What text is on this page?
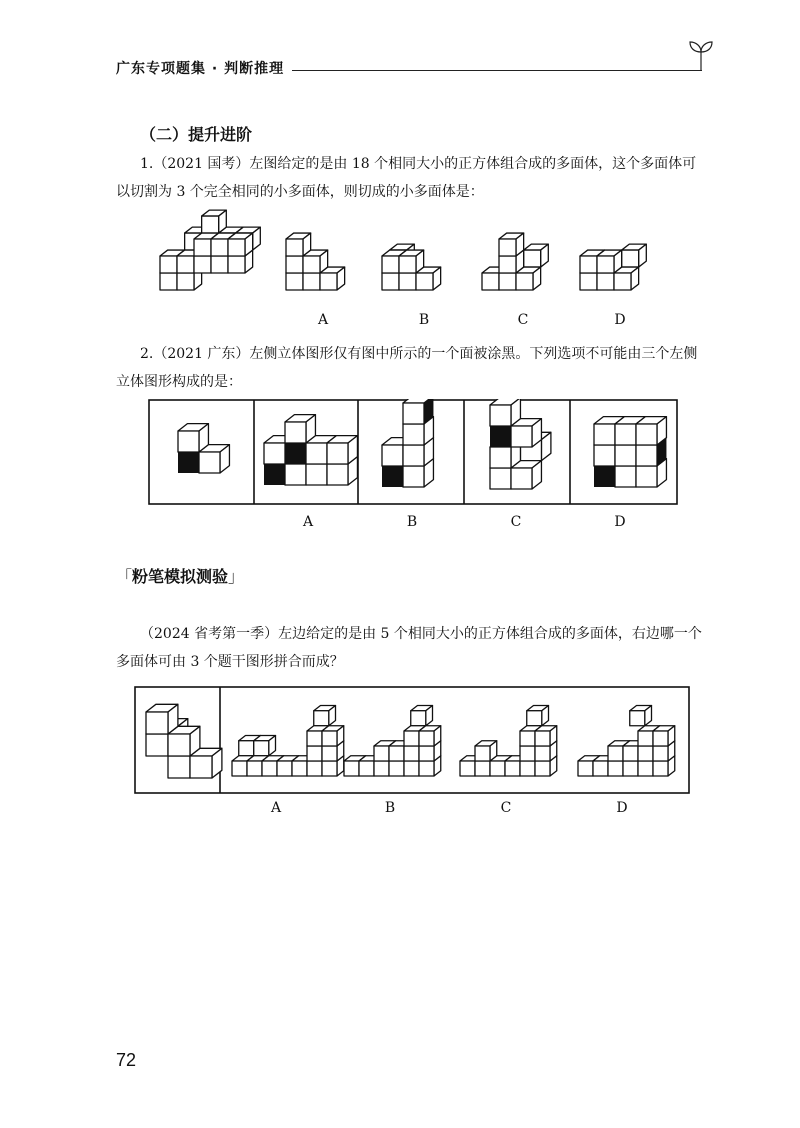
广东专项题集 · 判断推理
（二）提升进阶
1.（2021 国考）左图给定的是由 18 个相同大小的正方体组合成的多面体，这个多面体可以切割为 3 个完全相同的小多面体，则切成的小多面体是：
A	B	C	D
2.（2021 广东）左侧立体图形仅有图中所示的一个面被涂黑。下列选项不可能由三个左侧立体图形构成的是：
A	B	C	D
「粉笔模拟测验」
（2024 省考第一季）左边给定的是由 5 个相同大小的正方体组合成的多面体，右边哪一个多面体可由 3 个题干图形拼合而成？
A	B	C	D
72
